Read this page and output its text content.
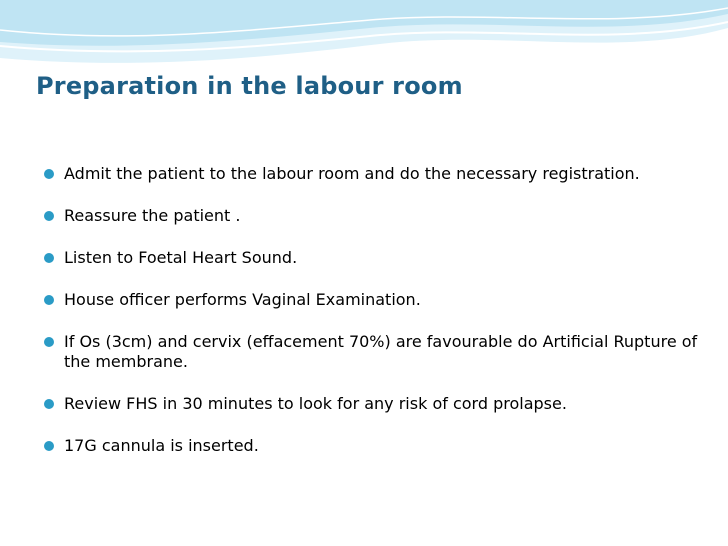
Preparation in the labour room
Admit the patient to the labour room and do the necessary registration.
Reassure the patient .
Listen to Foetal Heart Sound.
House officer performs Vaginal Examination.
If Os (3cm) and cervix (effacement 70%) are favourable do Artificial Rupture of the membrane.
Review FHS in 30 minutes to look for any risk of cord prolapse.
17G cannula is inserted.
